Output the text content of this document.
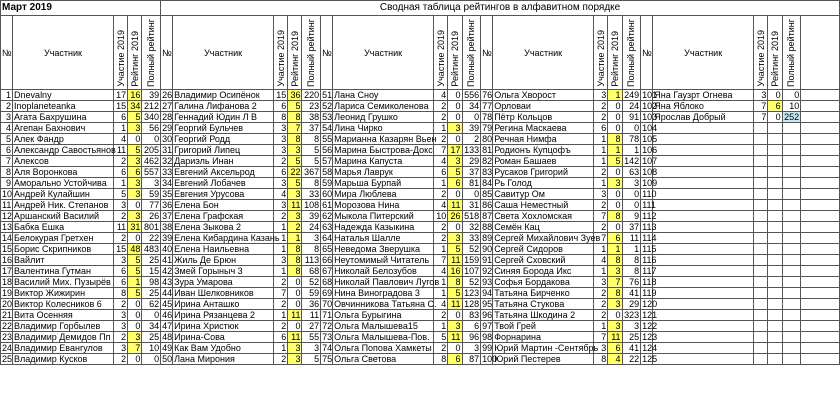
Март 2019					Сводная таблица рейтингов в алфавитном порядке																				
№	Участник	Участие 2019	Рейтинг 2019	Полный рейтинг	№	Участник	Участие 2019	Рейтинг 2019	Полный рейтинг	№	Участник	Участие 2019	Рейтинг 2019	Полный рейтинг	№	Участник	Участие 2019	Рейтинг 2019	Полный рейтинг	№	Участник	Участие 2019	Рейтинг 2019	Полный рейтинг	
1	Dnevalny	17	16	39	26	Владимир Осипёнок	15	36	220	51	Лана Сноу	4	0	556	76	Ольга Хворост	3	1	249	101	Яна Гаузрт Огнева	3	0	0	
2	Inoplaneteanka	15	34	212	27	Галина Лифанова 2	6	5	23	52	Лариса Семиколенова	2	0	34	77	Орловаи	2	0	24	102	Яна Яблоко	7	6	10	
3	Агата Бахрушина	6	5	340	28	Геннадий Юдин Л В	8	8	38	53	Леонид Грушко	2	0	0	78	Пётр Кольцов	2	0	91	103	Ярослав Добрый	7	0	252	
4	Агепан Бахнович	1	3	56	29	Георгий Бульчев	3	7	37	54	Лина Чирко	1	3	39	79	Регина Маскаева	6	0	0	104					
5	Алек Фандр	4	0	0	30	Георгий Родд	3	8	8	55	Марианна Казарян Вьен	2	0	2	80	Речная Нимфа	1	8	78	105					
6	Александр Савостьянов	11	5	205	31	Григорий Липец	3	3	5	56	Марина Быстрова-Докс	7	17	133	81	Родионъ Купцофъ	1	1	1	106					
7	Алексов	2	3	462	32	Дариэль Инан	2	5	5	57	Марина Капуста	4	3	29	82	Роман Башаев	1	5	142	107					
8	Аля Воронкова	6	6	557	33	Евгений Аксельрод	6	22	367	58	Марья Лаврук	6	5	37	83	Русаков Григорий	2	0	63	108					
9	Аморально Устойчива	1	3	3	34	Евгений Лобачев	3	5	8	59	Марьша Бурпай	1	6	81	84	Рь Голод	1	3	3	109					
10	Андрей Кулайшин	5	3	59	35	Евгения Урусова	4	3	33	60	Мира Люблева	2	0	0	85	Савитур Ом	3	0	0	110					
11	Андрей Ник. Степанов	3	0	77	36	Елена Бон	3	11	108	61	Морозова Нина	4	11	31	86	Саша Неместный	2	0	0	111					
12	Аршанский Василий	2	3	26	37	Елена Графская	2	3	39	62	Мыкола Питерский	10	26	518	87	Света Хохломская	7	8	9	112					
13	Бабка Ешка	11	31	801	38	Елена Зыкова 2	1	2	24	63	Надежда Казыкина	2	0	32	88	Семён Кац	2	0	37	113					
14	Белокурая Гретхен	2	0	22	39	Елена Кибардина Казань	1	1	3	64	Наталья Шалле	2	3	33	89	Сергей Михайлович Зуев	7	6	11	114					
15	Борис Скрипников	15	48	483	40	Елена Наильевна	1	8	8	65	Неведома Зверушка	1	5	52	90	Сергей Сидоров	1	1	1	115					
16	Вайлит	3	5	25	41	Жиль Де Брюн	3	8	113	66	Неутомимый Читатель	7	11	159	91	Сергей Сховский	4	8	8	116					
17	Валентина Гутман	6	5	15	42	Змей Горыныч 3	1	8	68	67	Николай Белозубов	4	16	107	92	Синяя Борода Икс	1	3	8	117					
18	Василий Мих. Пузырёв	6	1	98	43	Зура Умарова	2	0	52	68	Николай Павлович Лугов	1	8	52	93	Софья Бордакова	3	7	76	118					
19	Виктор Жижирин	8	5	25	44	Иван Шелковников	7	0	59	69	Нина Виноградова 3	1	5	123	94	Татьяна Бирченко	2	8	41	119					
20	Виктор Колесников 6	2	0	62	45	Ирина Анташко	2	0	36	70	Овчинникова Татьяна С.	4	11	128	95	Татьяна Стукова	2	3	29	120					
21	Вита Осенняя	3	0	0	46	Ирина Рязанцева 2	1	11	11	71	Ольга Бурыгина	2	0	83	96	Татьяна Шкодина 2	2	0	323	121					
22	Владимир Горбылев	3	0	34	47	Ирина Христюк	2	0	27	72	Ольга Малышева15	1	3	6	97	Твой Грей	1	3	3	122					
23	Владимир Демидов Пп	2	3	25	48	Ирина-Сова	6	11	55	73	Ольга Малышева-Пов.	5	11	96	98	Форнарина	7	11	25	123					
24	Владимир Евангулов	3	7	10	49	Как Вам Удобно	1	3	3	74	Ольга Попова Хамкеты	2	0	3	99	Юрий Мартин -Сентябрь	3	6	41	124					
25	Владимир Кусков	2	0	0	50	Лана Мирония	2	3	5	75	Ольга Светова	8	6	87	100	Юрий Пестерев	8	4	22	125					
